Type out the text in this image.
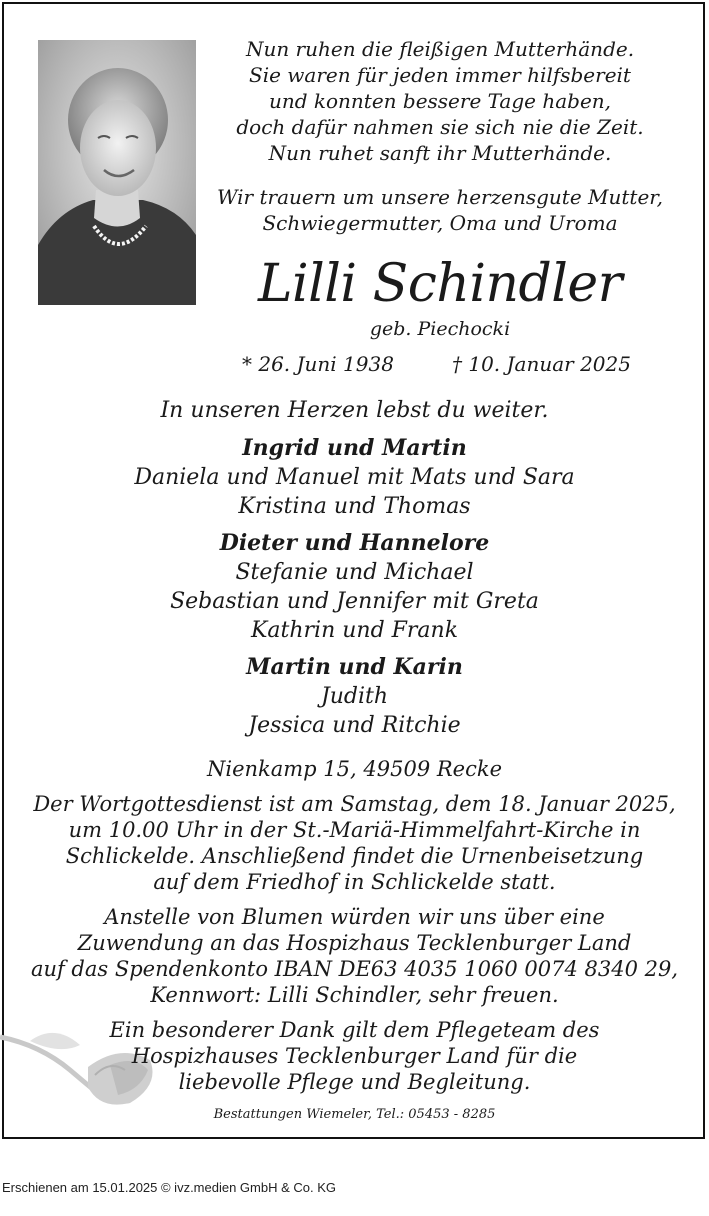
Nun ruhen die fleißigen Mutterhände.
Sie waren für jeden immer hilfsbereit
und konnten bessere Tage haben,
doch dafür nahmen sie sich nie die Zeit.
Nun ruhet sanft ihr Mutterhände.
Wir trauern um unsere herzensgute Mutter,
Schwiegermutter, Oma und Uroma
Lilli Schindler
geb. Piechocki
* 26. Juni 1938	† 10. Januar 2025
In unseren Herzen lebst du weiter.
Ingrid und Martin
Daniela und Manuel mit Mats und Sara
Kristina und Thomas
Dieter und Hannelore
Stefanie und Michael
Sebastian und Jennifer mit Greta
Kathrin und Frank
Martin und Karin
Judith
Jessica und Ritchie
Nienkamp 15, 49509 Recke
Der Wortgottesdienst ist am Samstag, dem 18. Januar 2025,
um 10.00 Uhr in der St.-Mariä-Himmelfahrt-Kirche in
Schlickelde. Anschließend findet die Urnenbeisetzung
auf dem Friedhof in Schlickelde statt.
Anstelle von Blumen würden wir uns über eine
Zuwendung an das Hospizhaus Tecklenburger Land
auf das Spendenkonto IBAN DE63 4035 1060 0074 8340 29,
Kennwort: Lilli Schindler, sehr freuen.
Ein besonderer Dank gilt dem Pflegeteam des
Hospizhauses Tecklenburger Land für die
liebevolle Pflege und Begleitung.
Bestattungen Wiemeler, Tel.: 05453 - 8285
Erschienen am 15.01.2025 © ivz.medien GmbH & Co. KG
